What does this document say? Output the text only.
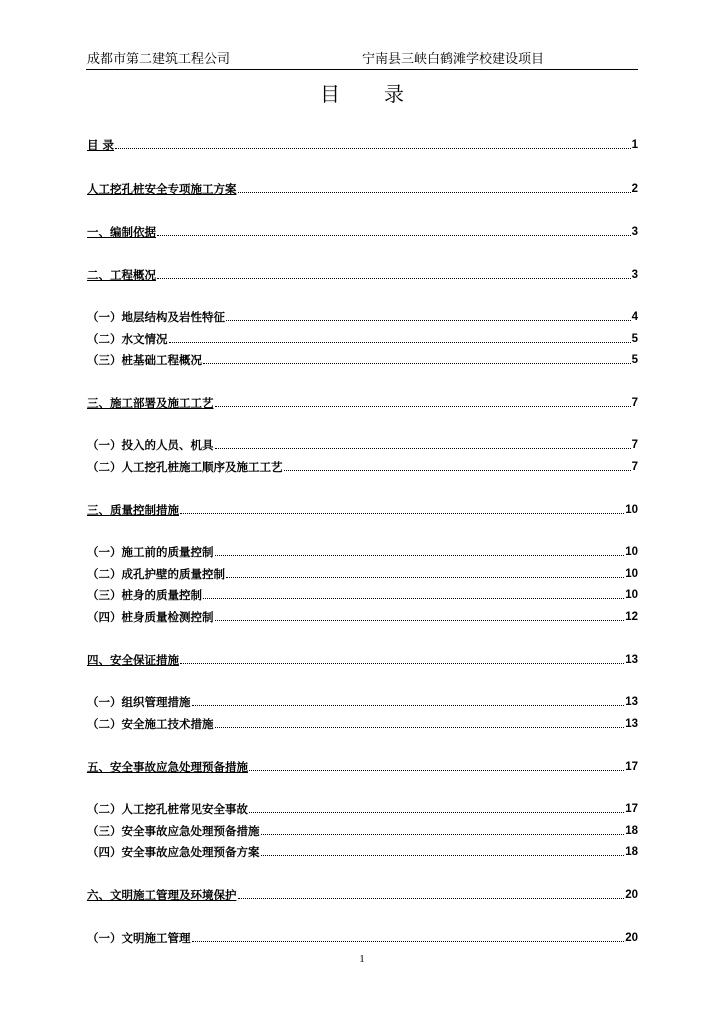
成都市第二建筑工程公司	宁南县三峡白鹤滩学校建设项目
目 录
目 录	1
人工挖孔桩安全专项施工方案	2
一、编制依据	3
二、工程概况	3
（一）地层结构及岩性特征	4
（二）水文情况	5
（三）桩基础工程概况	5
三、施工部署及施工工艺	7
（一）投入的人员、机具	7
（二）人工挖孔桩施工顺序及施工工艺	7
三、质量控制措施	10
（一）施工前的质量控制	10
（二）成孔护壁的质量控制	10
（三）桩身的质量控制	10
（四）桩身质量检测控制	12
四、安全保证措施	13
（一）组织管理措施	13
（二）安全施工技术措施	13
五、安全事故应急处理预备措施	17
（二）人工挖孔桩常见安全事故	17
（三）安全事故应急处理预备措施	18
（四）安全事故应急处理预备方案	18
六、文明施工管理及环境保护	20
（一）文明施工管理	20
1
